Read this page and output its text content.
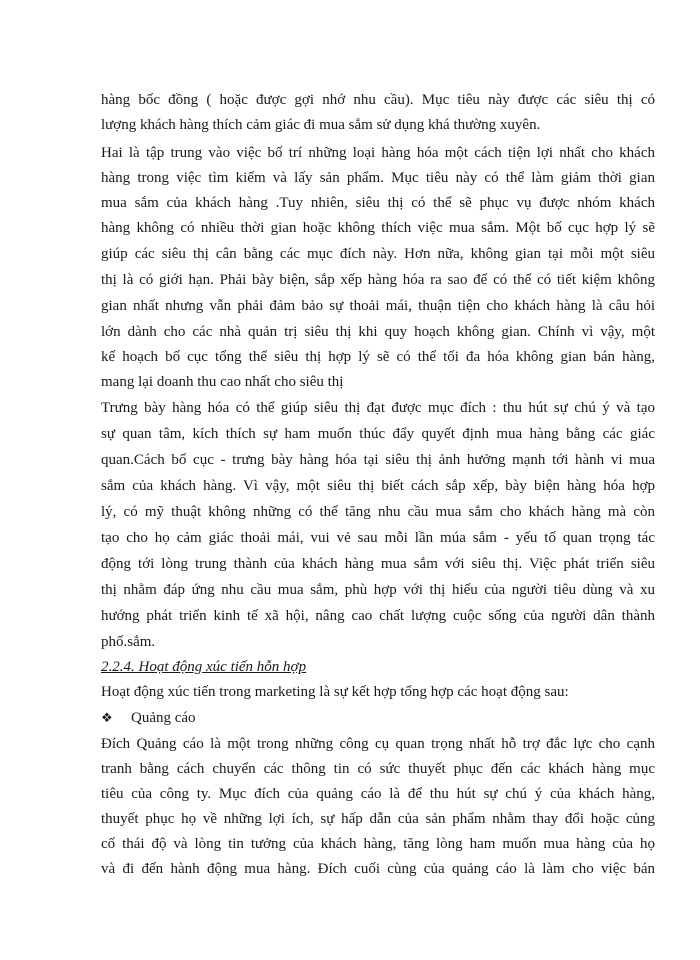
hàng bốc đồng ( hoặc được gợi nhớ nhu cầu). Mục tiêu này được các siêu thị có
lượng khách hàng thích cảm giác đi mua sắm sử dụng khá thường xuyên.
Hai là tập trung vào việc bố trí những loại hàng hóa một cách tiện lợi nhất cho khách
hàng trong việc tìm kiếm và lấy sản phẩm. Mục tiêu này có thể làm giảm thời gian
mua sắm của khách hàng .Tuy nhiên, siêu thị có thể sẽ phục vụ được nhóm khách
hàng không có nhiều thời gian hoặc không thích việc mua sắm. Một bố cục hợp lý sẽ
giúp các siêu thị cân bằng các mục đích này. Hơn nữa, không gian tại mỗi một siêu
thị là có giới hạn. Phải bày biện, sắp xếp hàng hóa ra sao để có thể có tiết kiệm không
gian nhất nhưng vẫn phải đảm bảo sự thoải mái, thuận tiện cho khách hàng là câu hỏi
lớn dành cho các nhà quản trị siêu thị khi quy hoạch không gian. Chính vì vậy, một
kế hoạch bố cục tổng thể siêu thị hợp lý sẽ có thể tối đa hóa không gian bán hàng,
mang lại doanh thu cao nhất cho siêu thị
Trưng bày hàng hóa có thể giúp siêu thị đạt được mục đích : thu hút sự chú ý và tạo
sự quan tâm, kích thích sự ham muốn thúc đẩy quyết định mua hàng bằng các giác
quan.Cách bố cục - trưng bày hàng hóa tại siêu thị ảnh hưởng mạnh tới hành vi mua
sắm của khách hàng. Vì vậy, một siêu thị biết cách sắp xếp, bày biện hàng hóa hợp
lý, có mỹ thuật không những có thể tăng nhu cầu mua sắm cho khách hàng mà còn
tạo cho họ cảm giác thoải mái, vui vẻ sau mỗi lần múa sắm - yếu tố quan trọng tác
động tới lòng trung thành của khách hàng mua sắm với siêu thị. Việc phát triển siêu
thị nhằm đáp ứng nhu cầu mua sắm, phù hợp với thị hiếu của người tiêu dùng và xu
hướng phát triển kinh tế xã hội, nâng cao chất lượng cuộc sống của người dân thành
phố.sắm.
2.2.4. Hoạt động xúc tiến hỗn hợp
Hoạt động xúc tiến trong marketing là sự kết hợp tổng hợp các hoạt động sau:
❖ Quảng cáo
Đích Quảng cáo là một trong những công cụ quan trọng nhất hỗ trợ đắc lực cho cạnh
tranh bằng cách chuyển các thông tin có sức thuyết phục đến các khách hàng mục
tiêu của công ty. Mục đích của quảng cáo là để thu hút sự chú ý của khách hàng,
thuyết phục họ về những lợi ích, sự hấp dẫn của sản phẩm nhằm thay đổi hoặc củng
cố thái độ và lòng tin tưởng của khách hàng, tăng lòng ham muốn mua hàng của họ
và đi đến hành động mua hàng. Đích cuối cùng của quảng cáo là làm cho việc bán
